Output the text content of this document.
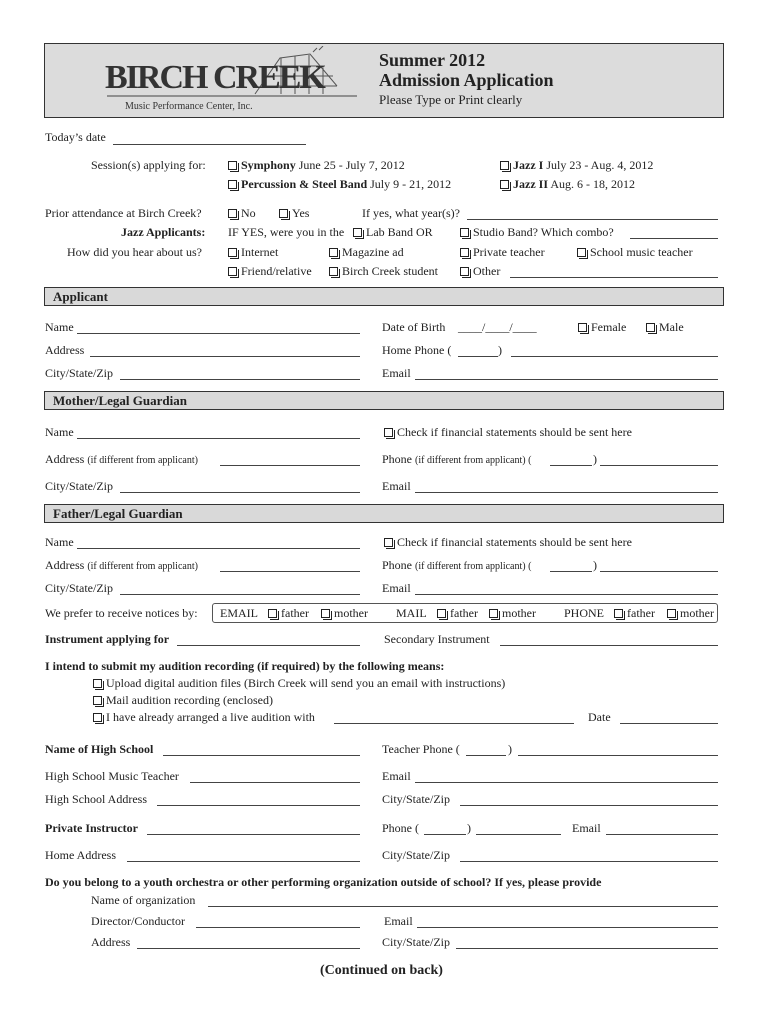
BIRCH CREEK
Music Performance Center, Inc.
Summer 2012
Admission Application
Please Type or Print clearly
Today’s date
Session(s) applying for:	Symphony June 25 - July 7, 2012
Percussion & Steel Band July 9 - 21, 2012
Jazz I July 23 - Aug. 4, 2012
Jazz II Aug. 6 - 18, 2012
Prior attendance at Birch Creek?	No	Yes	If yes, what year(s)?
Jazz Applicants: IF YES, were you in the	Lab Band OR	Studio Band? Which combo?
How did you hear about us?	Internet	Magazine ad	Private teacher	School music teacher
Friend/relative	Birch Creek student	Other
Applicant
Name	Date of Birth ____/____/____	Female	Male
Address	Home Phone (	)
City/State/Zip	Email
Mother/Legal Guardian
Name	Check if financial statements should be sent here
Address (if different from applicant)	Phone (if different from applicant) (	)
City/State/Zip	Email
Father/Legal Guardian
Name	Check if financial statements should be sent here
Address (if different from applicant)	Phone (if different from applicant) (	)
City/State/Zip	Email
We prefer to receive notices by: EMAIL	father	mother MAIL	father	mother PHONE	father	mother
Instrument applying for	Secondary Instrument
I intend to submit my audition recording (if required) by the following means:
Upload digital audition files (Birch Creek will send you an email with instructions)
Mail audition recording (enclosed)
I have already arranged a live audition with	Date
Name of High School	Teacher Phone (	)
High School Music Teacher	Email
High School Address	City/State/Zip
Private Instructor	Phone (	)	Email
Home Address	City/State/Zip
Do you belong to a youth orchestra or other performing organization outside of school? If yes, please provide
Name of organization
Director/Conductor	Email
Address	City/State/Zip
(Continued on back)
